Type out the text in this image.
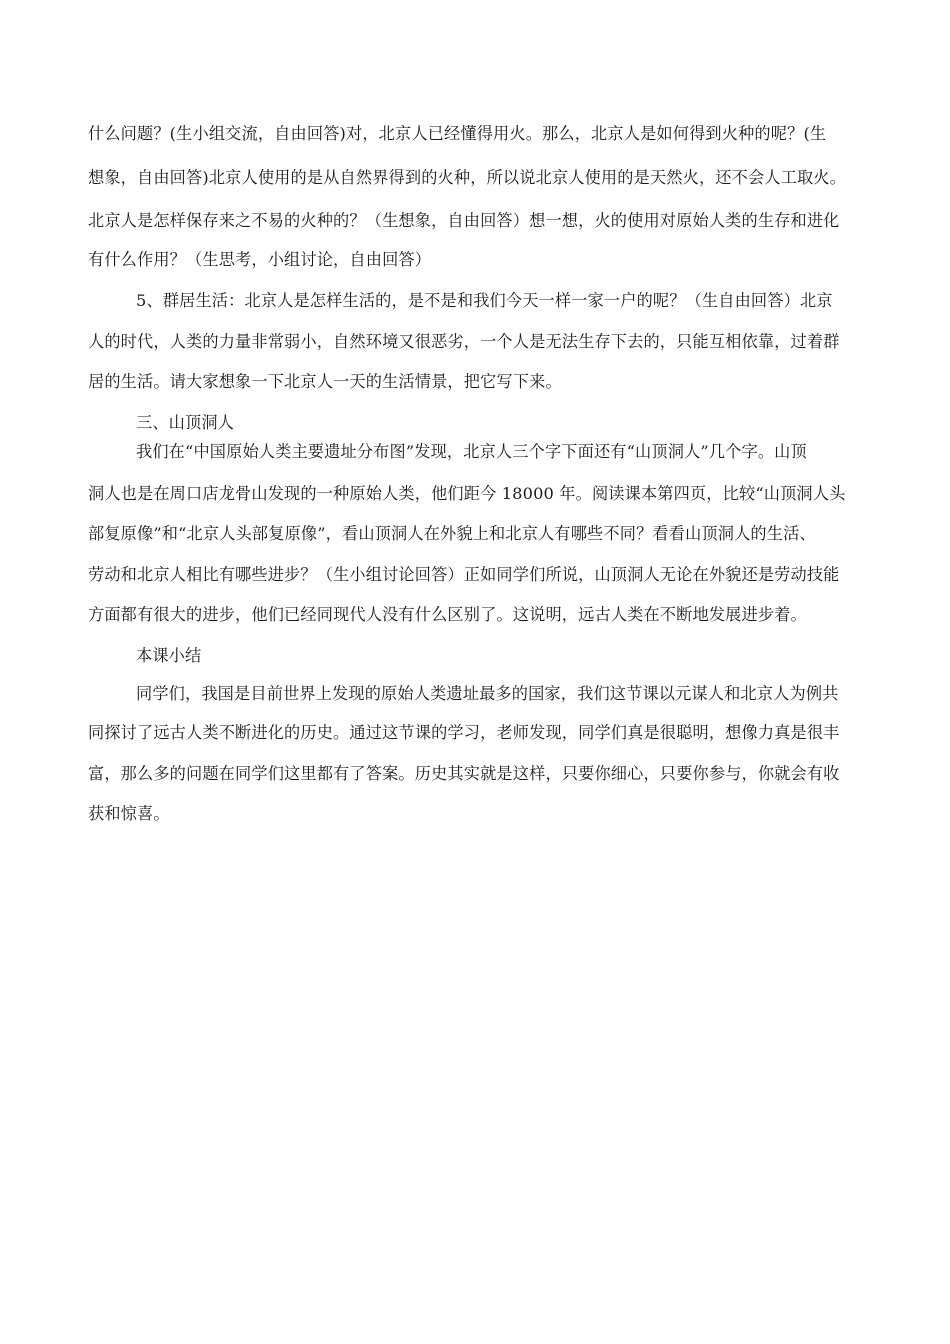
什么问题？(生小组交流，自由回答)对，北京人已经懂得用火。那么，北京人是如何得到火种的呢？(生
想象，自由回答)北京人使用的是从自然界得到的火种，所以说北京人使用的是天然火，还不会人工取火。
北京人是怎样保存来之不易的火种的？（生想象，自由回答）想一想，火的使用对原始人类的生存和进化
有什么作用？（生思考，小组讨论，自由回答）
5、群居生活：北京人是怎样生活的，是不是和我们今天一样一家一户的呢？（生自由回答）北京
人的时代，人类的力量非常弱小，自然环境又很恶劣，一个人是无法生存下去的，只能互相依靠，过着群
居的生活。请大家想象一下北京人一天的生活情景，把它写下来。
三、山顶洞人
我们在“中国原始人类主要遗址分布图”发现，北京人三个字下面还有“山顶洞人”几个字。山顶
洞人也是在周口店龙骨山发现的一种原始人类，他们距今 18000 年。阅读课本第四页，比较“山顶洞人头
部复原像”和“北京人头部复原像”，看山顶洞人在外貌上和北京人有哪些不同？看看山顶洞人的生活、
劳动和北京人相比有哪些进步？（生小组讨论回答）正如同学们所说，山顶洞人无论在外貌还是劳动技能
方面都有很大的进步，他们已经同现代人没有什么区别了。这说明，远古人类在不断地发展进步着。
本课小结
同学们，我国是目前世界上发现的原始人类遗址最多的国家，我们这节课以元谋人和北京人为例共
同探讨了远古人类不断进化的历史。通过这节课的学习，老师发现，同学们真是很聪明，想像力真是很丰
富，那么多的问题在同学们这里都有了答案。历史其实就是这样，只要你细心，只要你参与，你就会有收
获和惊喜。
